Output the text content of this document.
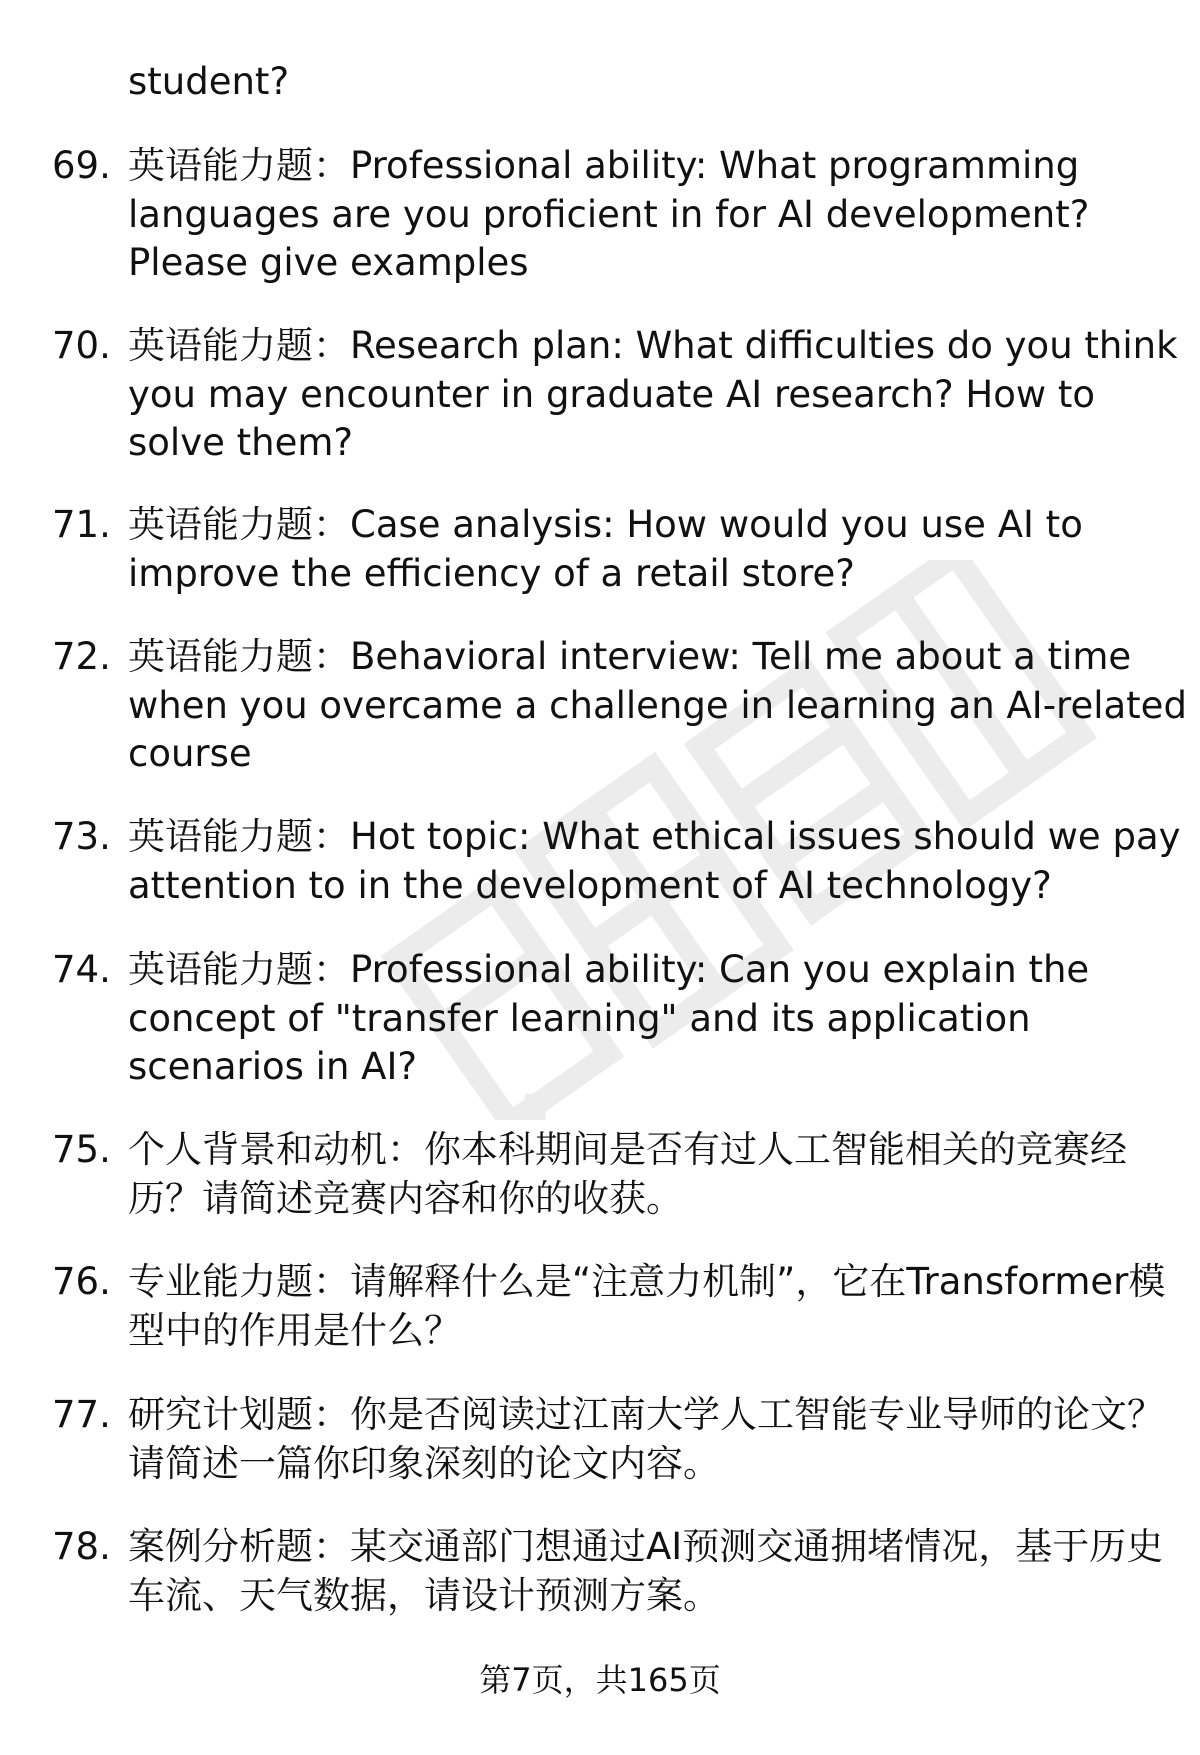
student?
69. 英语能力题：Professional ability: What programming languages are you proficient in for AI development? Please give examples
70. 英语能力题：Research plan: What difficulties do you think you may encounter in graduate AI research? How to solve them?
71. 英语能力题：Case analysis: How would you use AI to improve the efficiency of a retail store?
72. 英语能力题：Behavioral interview: Tell me about a time when you overcame a challenge in learning an AI-related course
73. 英语能力题：Hot topic: What ethical issues should we pay attention to in the development of AI technology?
74. 英语能力题：Professional ability: Can you explain the concept of "transfer learning" and its application scenarios in AI?
75. 个人背景和动机：你本科期间是否有过人工智能相关的竞赛经历？请简述竞赛内容和你的收获。
76. 专业能力题：请解释什么是“注意力机制”，它在Transformer模型中的作用是什么？
77. 研究计划题：你是否阅读过江南大学人工智能专业导师的论文？请简述一篇你印象深刻的论文内容。
78. 案例分析题：某交通部门想通过AI预测交通拥堵情况，基于历史车流、天气数据，请设计预测方案。
第7页，共165页
